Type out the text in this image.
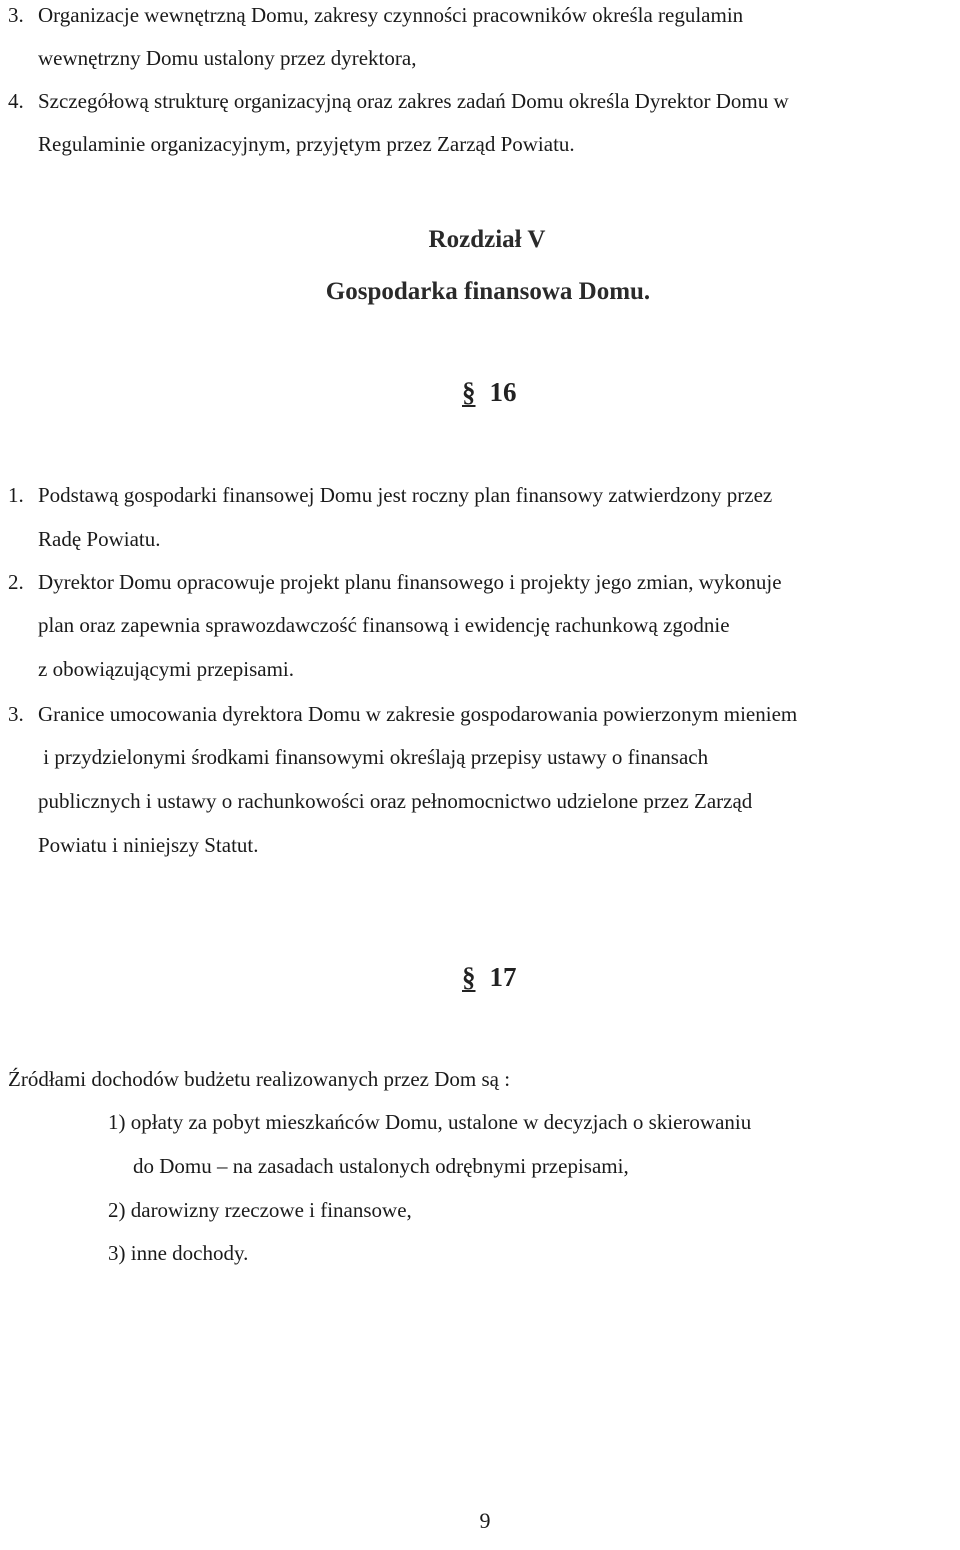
3. Organizacje wewnętrzną Domu, zakresy czynności pracowników określa regulamin
wewnętrzny Domu ustalony przez dyrektora,
4. Szczegółową strukturę organizacyjną oraz zakres zadań Domu określa Dyrektor Domu w
Regulaminie organizacyjnym, przyjętym przez Zarząd Powiatu.
Rozdział V
Gospodarka finansowa Domu.
§ 16
1. Podstawą gospodarki finansowej Domu jest roczny plan finansowy zatwierdzony przez
Radę Powiatu.
2. Dyrektor Domu opracowuje projekt planu finansowego i projekty jego zmian, wykonuje
plan oraz zapewnia sprawozdawczość finansową i ewidencję rachunkową zgodnie
z obowiązującymi przepisami.
3. Granice umocowania dyrektora Domu w zakresie gospodarowania powierzonym mieniem
i przydzielonymi środkami finansowymi określają przepisy ustawy o finansach
publicznych i ustawy o rachunkowości oraz pełnomocnictwo udzielone przez Zarząd
Powiatu i niniejszy Statut.
§ 17
Źródłami dochodów budżetu realizowanych przez Dom są :
1) opłaty za pobyt mieszkańców Domu, ustalone w decyzjach o skierowaniu
do Domu – na zasadach ustalonych odrębnymi przepisami,
2) darowizny rzeczowe i finansowe,
3) inne dochody.
9
